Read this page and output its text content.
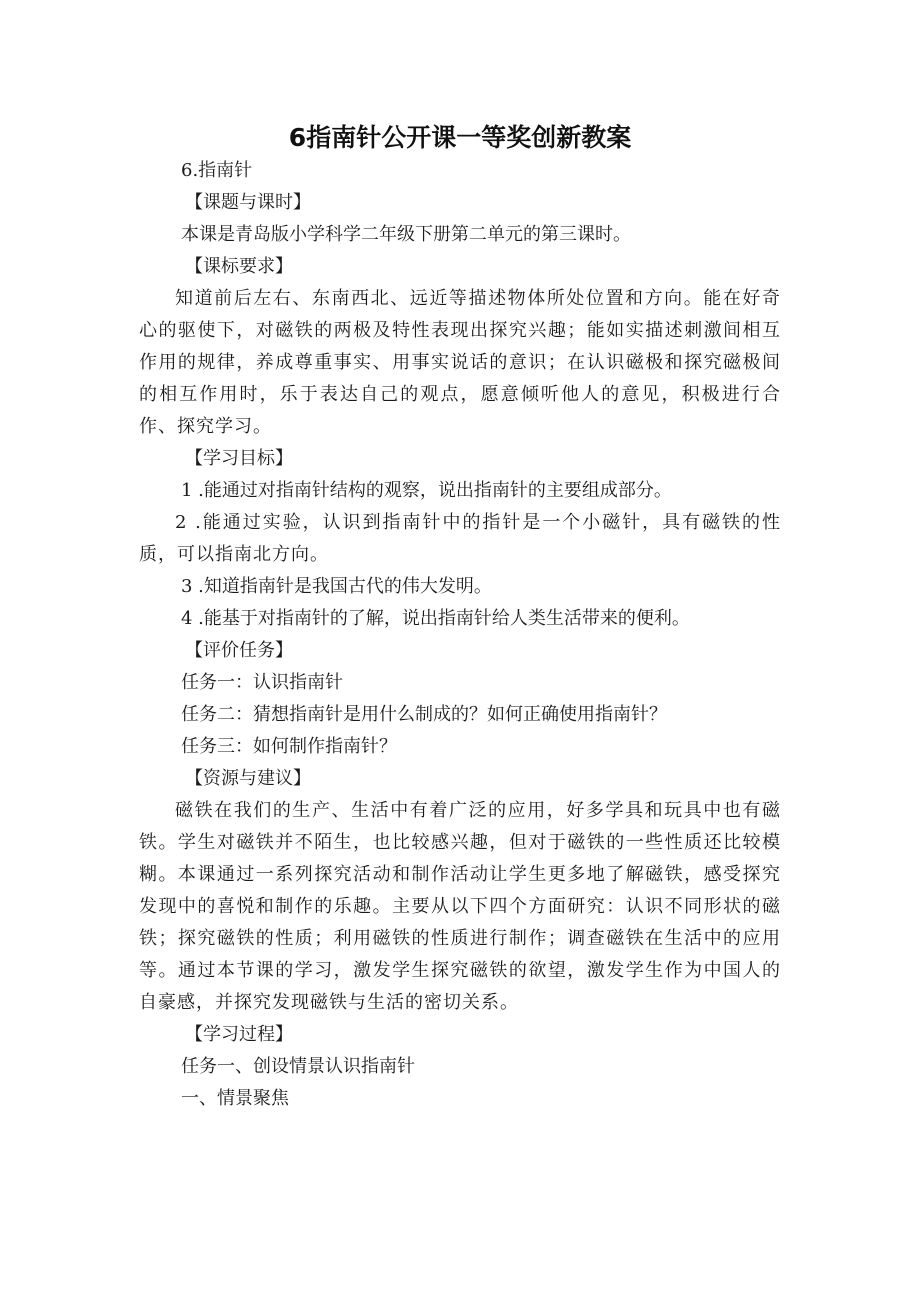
6指南针公开课一等奖创新教案
6.指南针
【课题与课时】
本课是青岛版小学科学二年级下册第二单元的第三课时。
【课标要求】
知道前后左右、东南西北、远近等描述物体所处位置和方向。能在好奇心的驱使下，对磁铁的两极及特性表现出探究兴趣；能如实描述刺激间相互作用的规律，养成尊重事实、用事实说话的意识；在认识磁极和探究磁极间的相互作用时，乐于表达自己的观点，愿意倾听他人的意见，积极进行合作、探究学习。
【学习目标】
1 .能通过对指南针结构的观察，说出指南针的主要组成部分。
2 .能通过实验，认识到指南针中的指针是一个小磁针，具有磁铁的性质，可以指南北方向。
3 .知道指南针是我国古代的伟大发明。
4 .能基于对指南针的了解，说出指南针给人类生活带来的便利。
【评价任务】
任务一：认识指南针
任务二：猜想指南针是用什么制成的？如何正确使用指南针？
任务三：如何制作指南针？
【资源与建议】
磁铁在我们的生产、生活中有着广泛的应用，好多学具和玩具中也有磁铁。学生对磁铁并不陌生，也比较感兴趣，但对于磁铁的一些性质还比较模糊。本课通过一系列探究活动和制作活动让学生更多地了解磁铁，感受探究发现中的喜悦和制作的乐趣。主要从以下四个方面研究：认识不同形状的磁铁；探究磁铁的性质；利用磁铁的性质进行制作；调查磁铁在生活中的应用等。通过本节课的学习，激发学生探究磁铁的欲望，激发学生作为中国人的自豪感，并探究发现磁铁与生活的密切关系。
【学习过程】
任务一、创设情景认识指南针
一、情景聚焦
